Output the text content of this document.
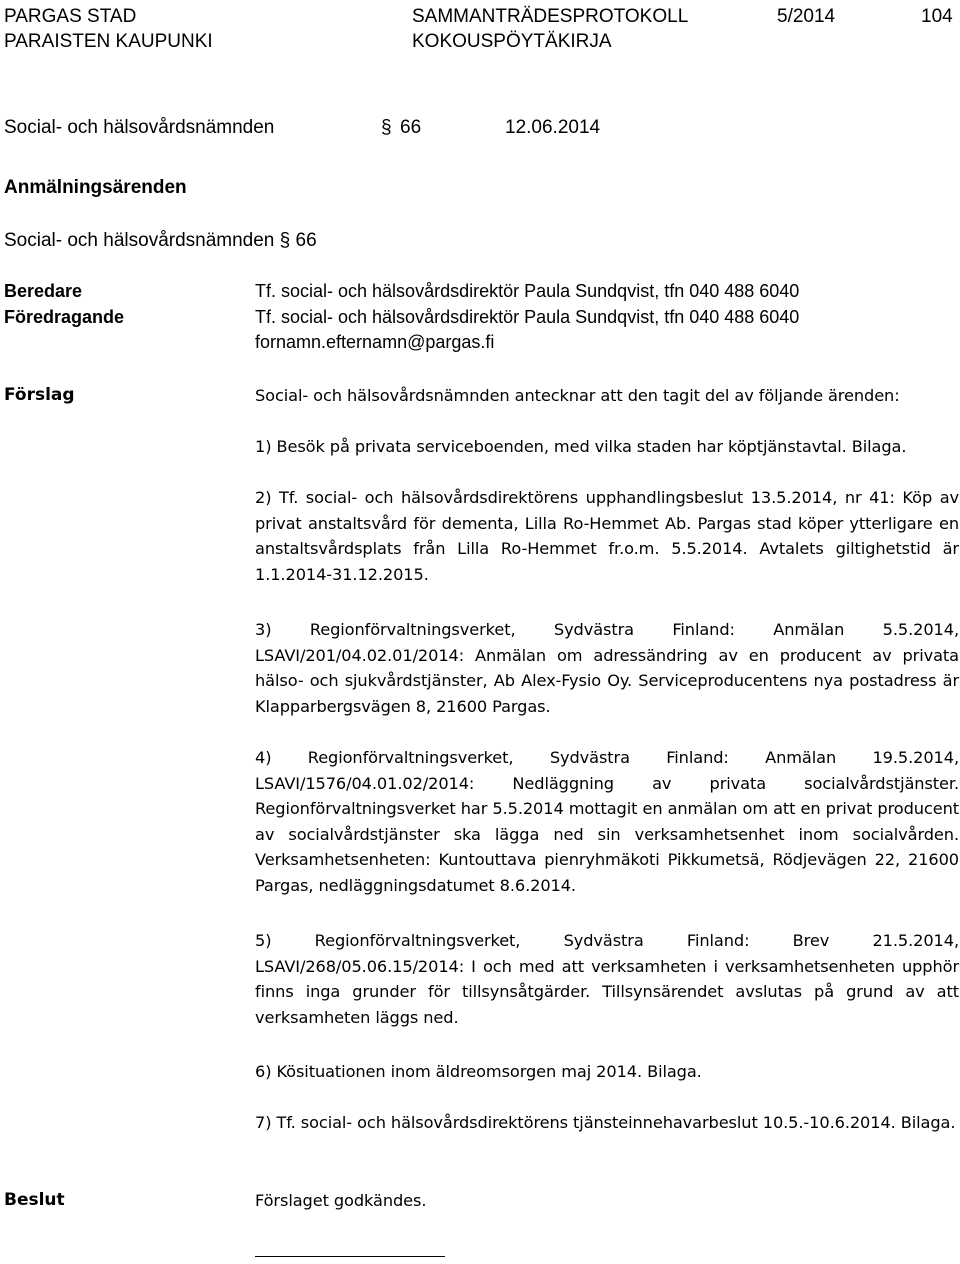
PARGAS STAD
PARAISTEN KAUPUNKI
SAMMANTRÄDESPROTOKOLL
KOKOUSPÖYTÄKIRJA
5/2014	104
Social- och hälsovårdsnämnden	§ 66	12.06.2014
Anmälningsärenden
Social- och hälsovårdsnämnden § 66
Beredare	Tf. social- och hälsovårdsdirektör Paula Sundqvist, tfn 040 488 6040
Föredragande	Tf. social- och hälsovårdsdirektör Paula Sundqvist, tfn 040 488 6040
fornamn.efternamn@pargas.fi
Förslag	Social- och hälsovårdsnämnden antecknar att den tagit del av följande ärenden:

1) Besök på privata serviceboenden, med vilka staden har köptjänstavtal. Bilaga.

2) Tf. social- och hälsovårdsdirektörens upphandlingsbeslut 13.5.2014, nr 41: Köp av privat anstaltsvård för dementa, Lilla Ro-Hemmet Ab. Pargas stad köper ytterligare en anstaltsvårdsplats från Lilla Ro-Hemmet fr.o.m. 5.5.2014. Avtalets giltighetstid är 1.1.2014-31.12.2015.

3) Regionförvaltningsverket, Sydvästra Finland: Anmälan 5.5.2014, LSAVI/201/04.02.01/2014: Anmälan om adressändring av en producent av privata hälso- och sjukvårdstjänster, Ab Alex-Fysio Oy. Serviceproducentens nya postadress är Klapparbergsvägen 8, 21600 Pargas.

4) Regionförvaltningsverket, Sydvästra Finland: Anmälan 19.5.2014, LSAVI/1576/04.01.02/2014: Nedläggning av privata socialvårdstjänster. Regionförvaltningsverket har 5.5.2014 mottagit en anmälan om att en privat producent av socialvårdstjänster ska lägga ned sin verksamhetsenhet inom socialvården. Verksamhetsenheten: Kuntouttava pienryhmäkoti Pikkumetsä, Rödjevägen 22, 21600 Pargas, nedläggningsdatumet 8.6.2014.

5) Regionförvaltningsverket, Sydvästra Finland: Brev 21.5.2014, LSAVI/268/05.06.15/2014: I och med att verksamheten i verksamhetsenheten upphör finns inga grunder för tillsynsåtgärder. Tillsynsärendet avslutas på grund av att verksamheten läggs ned.

6) Kösituationen inom äldreomsorgen maj 2014. Bilaga.

7) Tf. social- och hälsovårdsdirektörens tjänsteinnehavarbeslut 10.5.-10.6.2014. Bilaga.

Beslut	Förslaget godkändes.
